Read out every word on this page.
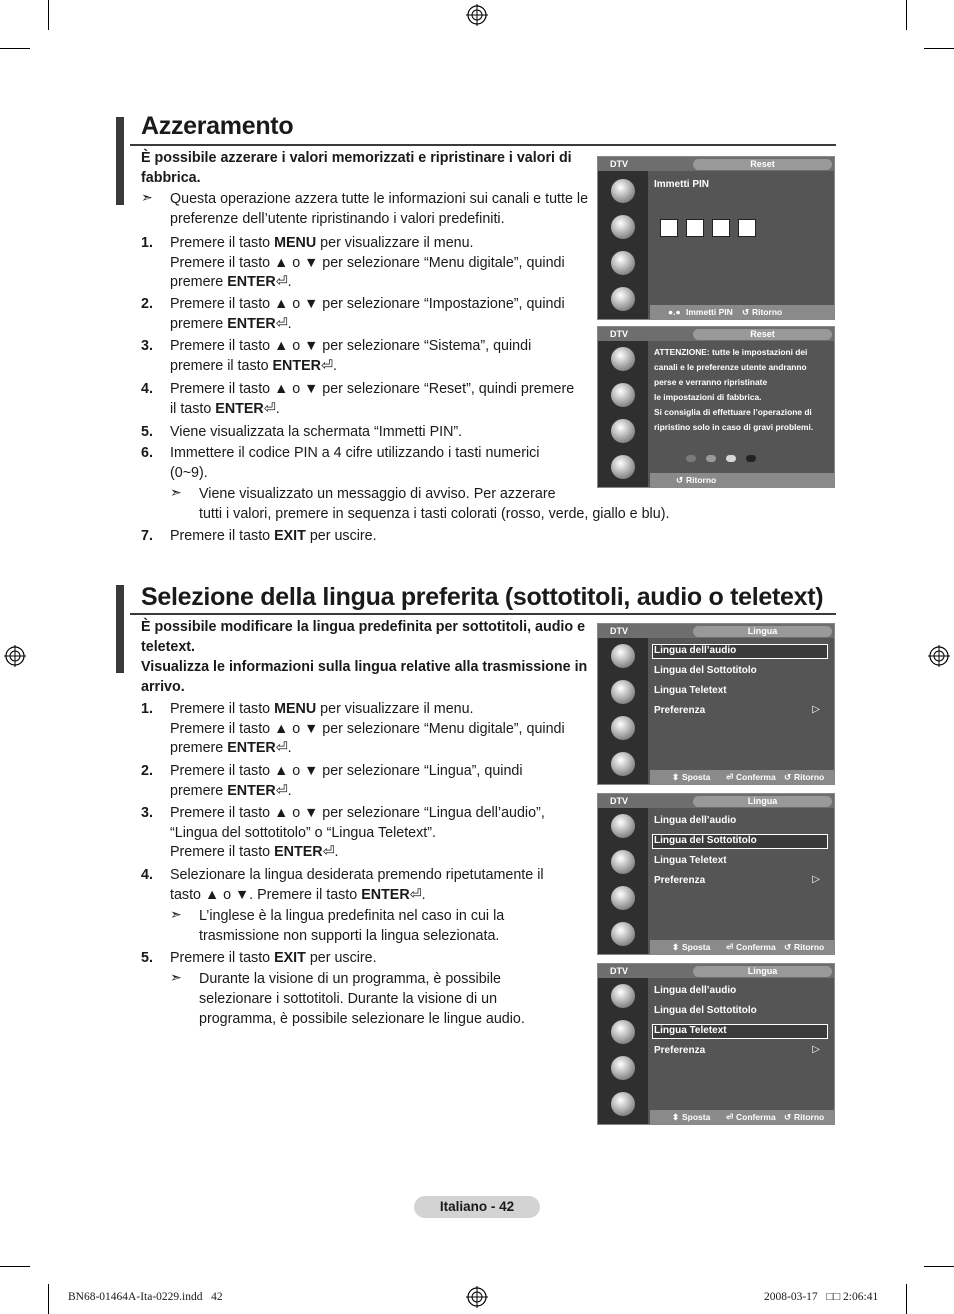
Azzeramento
È possibile azzerare i valori memorizzati e ripristinare i valori di fabbrica.
➣ Questa operazione azzera tutte le informazioni sui canali e tutte le preferenze dell’utente ripristinando i valori predefiniti.
1. Premere il tasto MENU per visualizzare il menu.
Premere il tasto ▲ o ▼ per selezionare “Menu digitale”, quindi
premere ENTER⏎.
2. Premere il tasto ▲ o ▼ per selezionare “Impostazione”, quindi
premere ENTER⏎.
3. Premere il tasto ▲ o ▼ per selezionare “Sistema”, quindi
premere il tasto ENTER⏎.
4. Premere il tasto ▲ o ▼ per selezionare “Reset”, quindi premere
il tasto ENTER⏎.
5. Viene visualizzata la schermata “Immetti PIN”.
6. Immettere il codice PIN a 4 cifre utilizzando i tasti numerici
(0~9).
7. Premere il tasto EXIT per uscire.
➣ Viene visualizzato un messaggio di avviso. Per azzerare
tutti i valori, premere in sequenza i tasti colorati (rosso, verde, giallo e blu).
DTV	Reset
Immetti PIN
●.● Immetti PIN ↺ Ritorno
DTV	Reset
ATTENZIONE: tutte le impostazioni dei
canali e le preferenze utente andranno
perse e verranno ripristinate
le impostazioni di fabbrica.
Si consiglia di effettuare l’operazione di
ripristino solo in caso di gravi problemi.
↺ Ritorno
Selezione della lingua preferita (sottotitoli, audio o teletext)
È possibile modificare la lingua predefinita per sottotitoli, audio e teletext.
Visualizza le informazioni sulla lingua relative alla trasmissione in arrivo.
1. Premere il tasto MENU per visualizzare il menu.
Premere il tasto ▲ o ▼ per selezionare “Menu digitale”, quindi
premere ENTER⏎.
2. Premere il tasto ▲ o ▼ per selezionare “Lingua”, quindi
premere ENTER⏎.
3. Premere il tasto ▲ o ▼ per selezionare “Lingua dell’audio”,
“Lingua del sottotitolo” o “Lingua Teletext”.
Premere il tasto ENTER⏎.
4. Selezionare la lingua desiderata premendo ripetutamente il
tasto ▲ o ▼. Premere il tasto ENTER⏎.
5. Premere il tasto EXIT per uscire.
➣ L’inglese è la lingua predefinita nel caso in cui la
trasmissione non supporti la lingua selezionata.
➣ Durante la visione di un programma, è possibile
selezionare i sottotitoli. Durante la visione di un
programma, è possibile selezionare le lingue audio.
DTV	Lingua
Lingua dell’audio
Lingua del Sottotitolo
Lingua Teletext
Preferenza	▷
⬍ Sposta ⏎ Conferma ↺ Ritorno
DTV	Lingua
Lingua dell’audio
Lingua del Sottotitolo
Lingua Teletext
Preferenza	▷
⬍ Sposta ⏎ Conferma ↺ Ritorno
DTV	Lingua
Lingua dell’audio
Lingua del Sottotitolo
Lingua Teletext
Preferenza	▷
⬍ Sposta ⏎ Conferma ↺ Ritorno
Italiano - 42
BN68-01464A-Ita-0229.indd   42	2008-03-17   □□ 2:06:41
